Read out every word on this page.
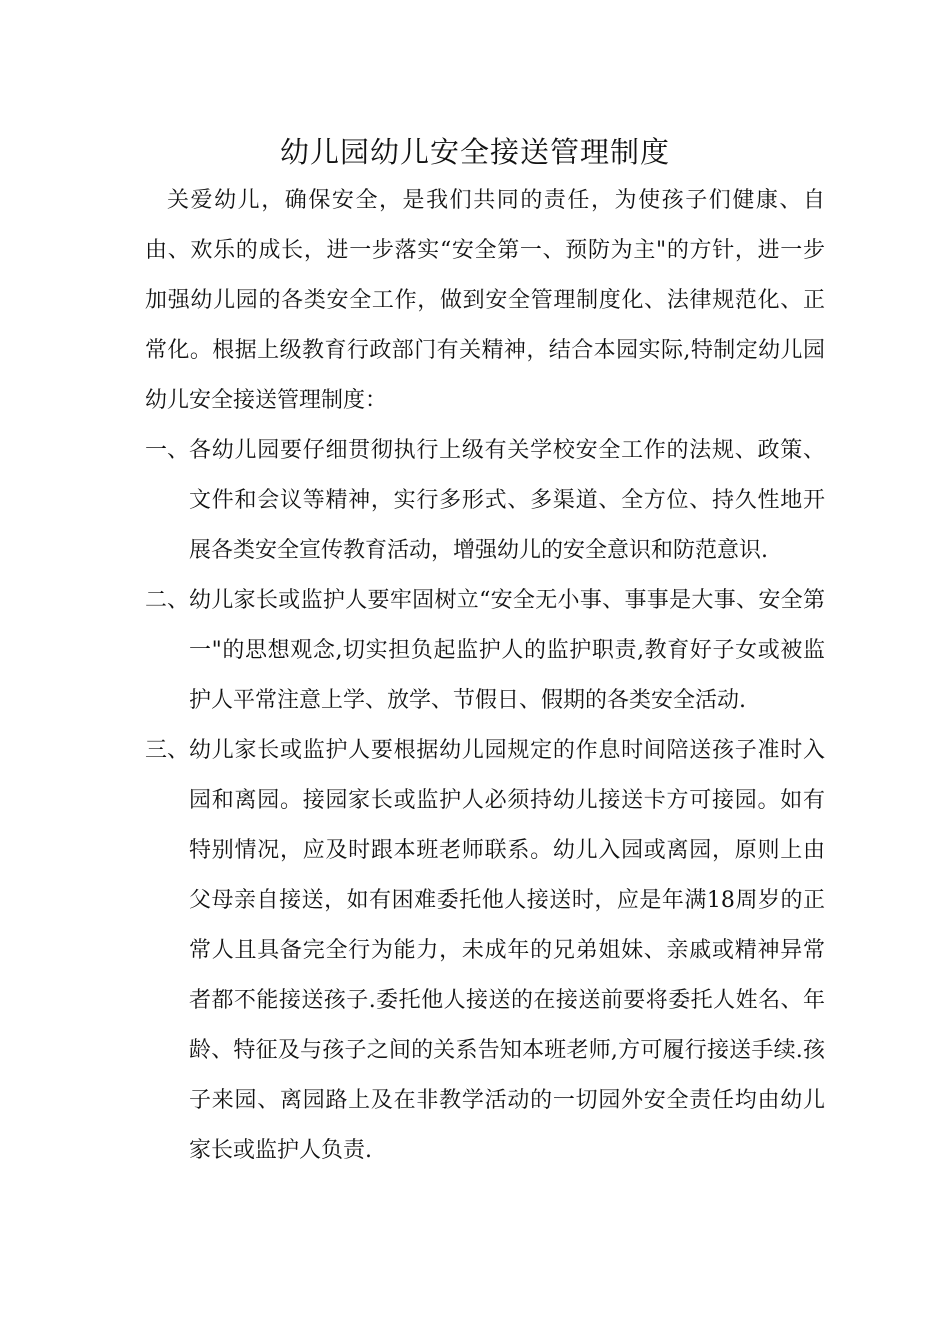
幼儿园幼儿安全接送管理制度

关爱幼儿，确保安全，是我们共同的责任，为使孩子们健康、自由、欢乐的成长，进一步落实“安全第一、预防为主"的方针，进一步加强幼儿园的各类安全工作，做到安全管理制度化、法律规范化、正常化。根据上级教育行政部门有关精神，结合本园实际,特制定幼儿园幼儿安全接送管理制度：

一、 各幼儿园要仔细贯彻执行上级有关学校安全工作的法规、政策、文件和会议等精神，实行多形式、多渠道、全方位、持久性地开展各类安全宣传教育活动，增强幼儿的安全意识和防范意识.
二、 幼儿家长或监护人要牢固树立“安全无小事、事事是大事、安全第一"的思想观念,切实担负起监护人的监护职责,教育好子女或被监护人平常注意上学、放学、节假日、假期的各类安全活动.
三、 幼儿家长或监护人要根据幼儿园规定的作息时间陪送孩子准时入园和离园。接园家长或监护人必须持幼儿接送卡方可接园。如有特别情况，应及时跟本班老师联系。幼儿入园或离园，原则上由父母亲自接送，如有困难委托他人接送时，应是年满18周岁的正常人且具备完全行为能力，未成年的兄弟姐妹、亲戚或精神异常者都不能接送孩子.委托他人接送的在接送前要将委托人姓名、年龄、特征及与孩子之间的关系告知本班老师,方可履行接送手续.孩子来园、离园路上及在非教学活动的一切园外安全责任均由幼儿家长或监护人负责.
